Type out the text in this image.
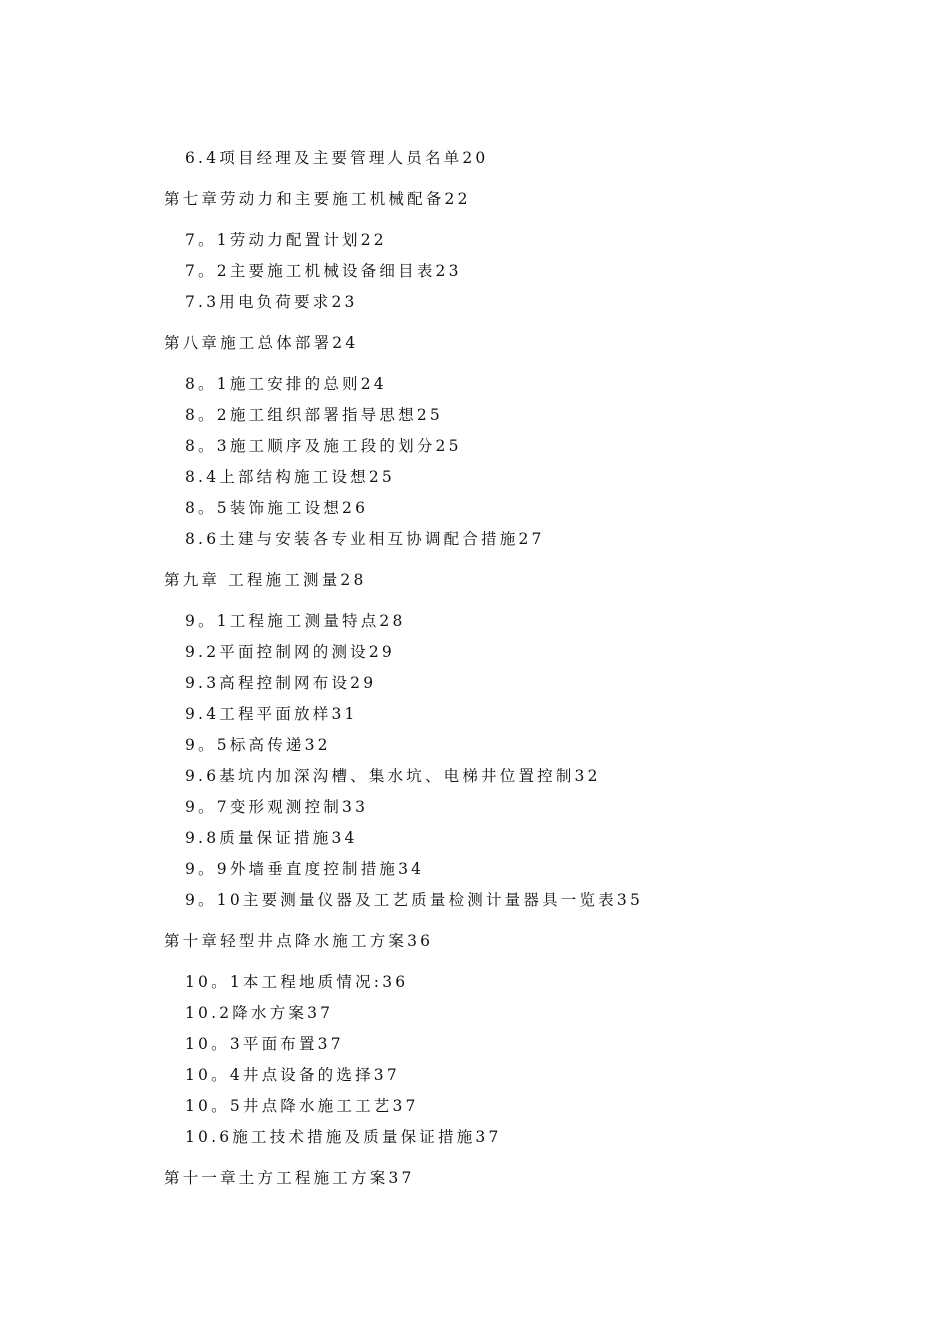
6.4项目经理及主要管理人员名单20
第七章劳动力和主要施工机械配备22
7。1劳动力配置计划22
7。2主要施工机械设备细目表23
7.3用电负荷要求23
第八章施工总体部署24
8。1施工安排的总则24
8。2施工组织部署指导思想25
8。3施工顺序及施工段的划分25
8.4上部结构施工设想25
8。5装饰施工设想26
8.6土建与安装各专业相互协调配合措施27
第九章 工程施工测量28
9。1工程施工测量特点28
9.2平面控制网的测设29
9.3高程控制网布设29
9.4工程平面放样31
9。5标高传递32
9.6基坑内加深沟槽、集水坑、电梯井位置控制32
9。7变形观测控制33
9.8质量保证措施34
9。9外墙垂直度控制措施34
9。10主要测量仪器及工艺质量检测计量器具一览表35
第十章轻型井点降水施工方案36
10。1本工程地质情况:36
10.2降水方案37
10。3平面布置37
10。4井点设备的选择37
10。5井点降水施工工艺37
10.6施工技术措施及质量保证措施37
第十一章土方工程施工方案37
